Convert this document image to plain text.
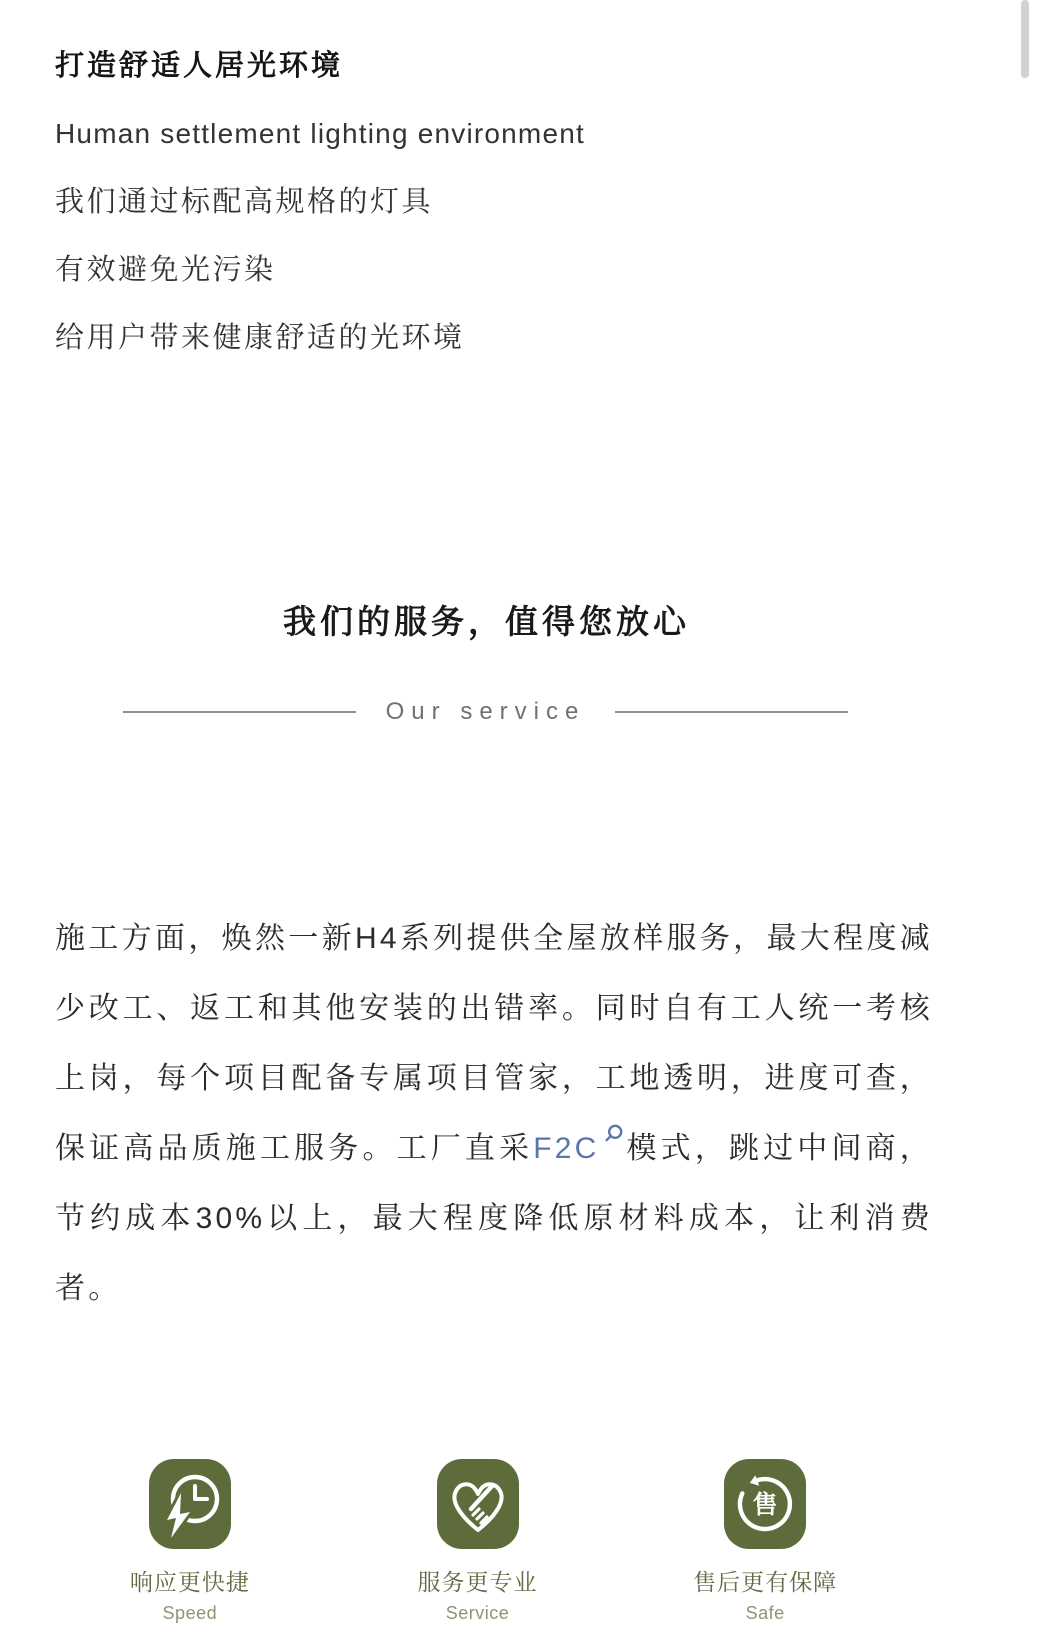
打造舒适人居光环境

Human settlement lighting environment

我们通过标配高规格的灯具

有效避免光污染

给用户带来健康舒适的光环境

我们的服务，值得您放心
Our service

施工方面，焕然一新H4系列提供全屋放样服务，最大程度减少改工、返工和其他安装的出错率。同时自有工人统一考核上岗，每个项目配备专属项目管家，工地透明，进度可查，保证高品质施工服务。工厂直采F2C 模式，跳过中间商，节约成本30%以上，最大程度降低原材料成本，让利消费者。

响应更快捷
Speed
服务更专业
Service
售
售后更有保障
Safe
